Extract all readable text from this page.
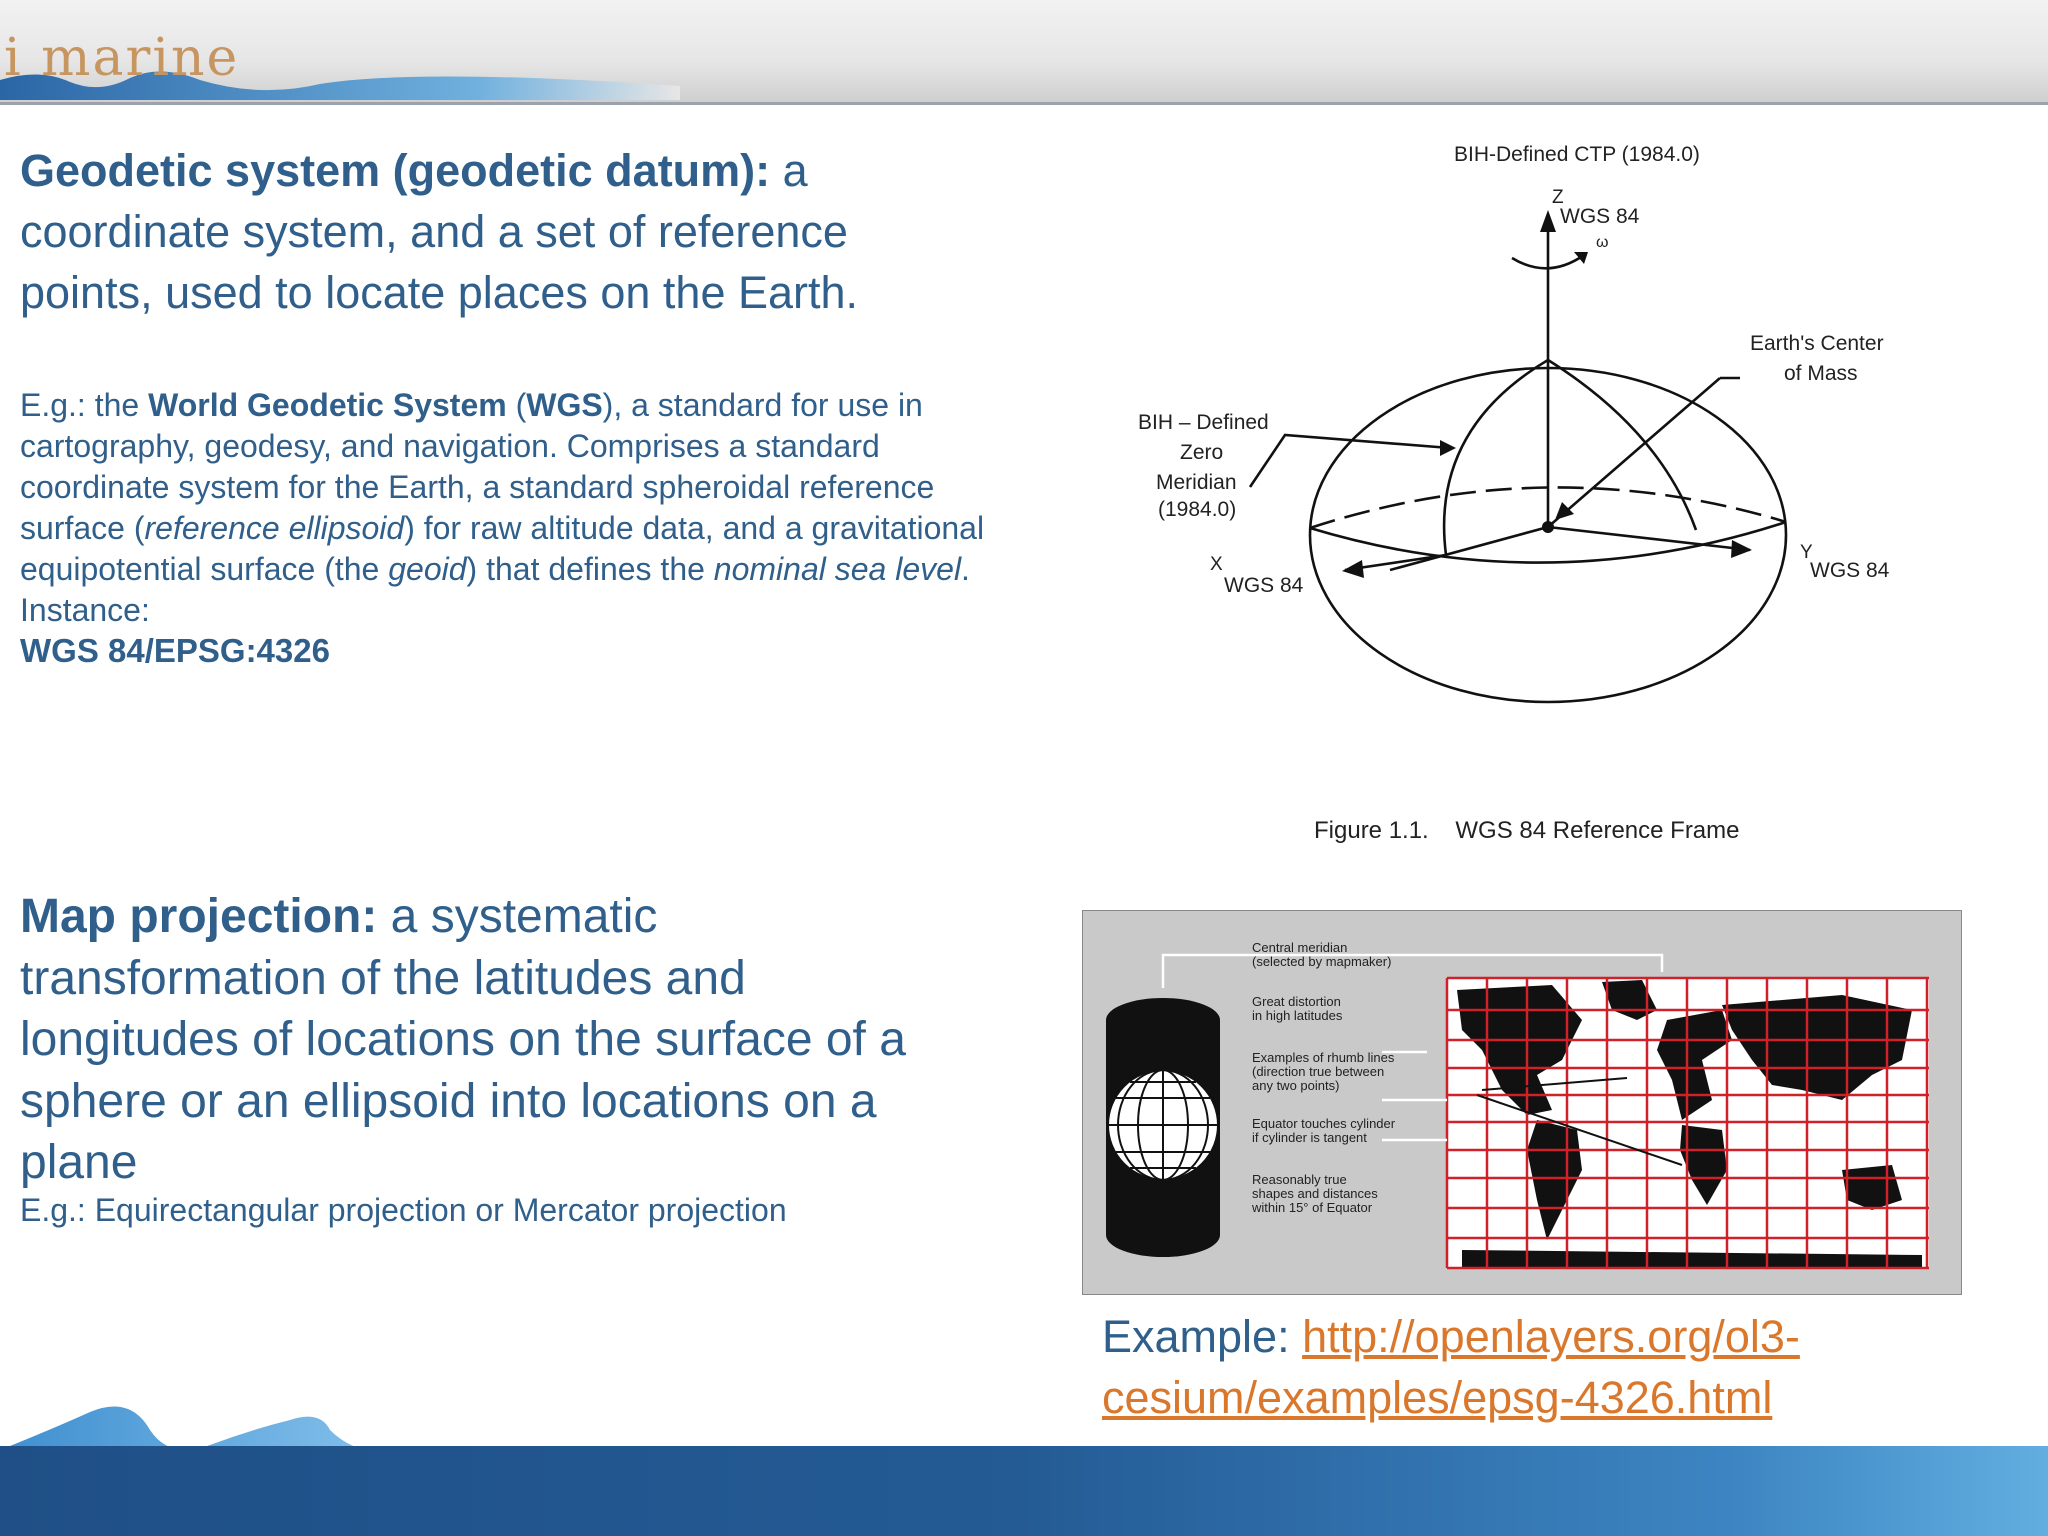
i marine
Geodetic system (geodetic datum): a coordinate system, and a set of reference points, used to locate places on the Earth.
E.g.: the World Geodetic System (WGS), a standard for use in cartography, geodesy, and navigation. Comprises a standard coordinate system for the Earth, a standard spheroidal reference surface (reference ellipsoid) for raw altitude data, and a gravitational equipotential surface (the geoid) that defines the nominal sea level. Instance:
WGS 84/EPSG:4326
BIH-Defined CTP (1984.0)
Z
WGS 84
ω
Earth's Center
of Mass
BIH – Defined
Zero
Meridian
(1984.0)
X
WGS 84
Y
WGS 84
Figure 1.1.    WGS 84 Reference Frame
Central meridian
(selected by mapmaker)
Great distortion
in high latitudes
Examples of rhumb lines
(direction true between
any two points)
Equator touches cylinder
if cylinder is tangent
Reasonably true
shapes and distances
within 15° of Equator
Map projection: a systematic transformation of the latitudes and longitudes of locations on the surface of a sphere or an ellipsoid into locations on a plane
E.g.: Equirectangular projection or Mercator projection
Example: http://openlayers.org/ol3-cesium/examples/epsg-4326.html
